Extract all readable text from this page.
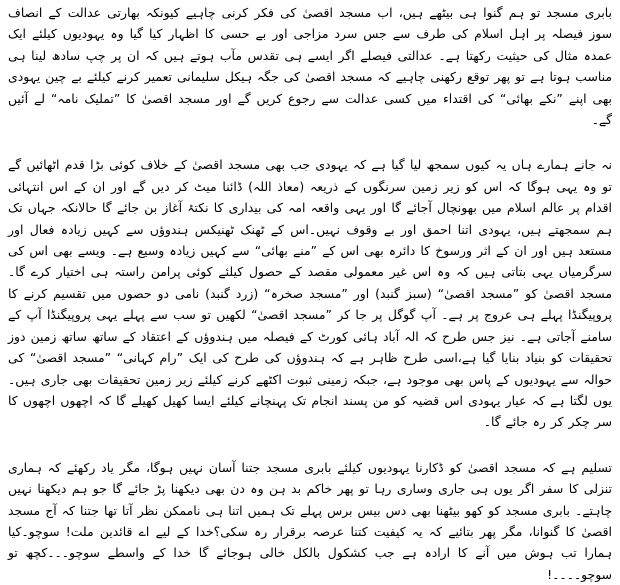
بابری مسجد تو ہم گنوا ہی بیٹھے ہیں، اب مسجد اقصیٰ کی فکر کرنی چاہیے کیونکہ بھارتی عدالت کے انصاف سوز فیصلہ پر اہل اسلام کی طرف سے جس سرد مزاجی اور بے حسی کا اظہار کیا گیا وہ یہودیوں کیلئے ایک عمدہ مثال کی حیثیت رکھتا ہے۔ عدالتی فیصلے اگر ایسے ہی تقدس مآب ہوتے ہیں کہ ان پر چپ سادھ لینا ہی مناسب ہوتا ہے تو پھر توقع رکھنی چاہیے کہ مسجد اقصیٰ کی جگہ ہیکل سلیمانی تعمیر کرنے کیلئے بے چین یہودی بھی اپنے ”نکے بھائی“ کی اقتداء میں کسی عدالت سے رجوع کریں گے اور مسجد اقصیٰ کا ”تملیک نامہ“ لے آئیں گے۔

نہ جانے ہمارے ہاں یہ کیوں سمجھ لیا گیا ہے کہ یہودی جب بھی مسجد اقصیٰ کے خلاف کوئی بڑا قدم اٹھائیں گے تو وہ یہی ہوگا کہ اس کو زیر زمین سرنگوں کے ذریعہ (معاذ اللہ) ڈائنا میٹ کر دیں گے اور ان کے اس انتہائی اقدام پر عالم اسلام میں بھونچال آجائے گا اور یہی واقعہ امہ کی بیداری کا نکتۂ آغاز بن جائے گا حالانکہ جہاں تک ہم سمجھتے ہیں، یہودی اتنا احمق اور بے وقوف نہیں۔اس کے ٹھنک ٹھنیکس ہندوؤں سے کہیں زیادہ فعال اور مستعد ہیں اور ان کے اثر ورسوخ کا دائرہ بھی اس کے ”منے بھائی“ سے کہیں زیادہ وسیع ہے۔ ویسے بھی اس کی سرگرمیاں یہی بتاتی ہیں کہ وہ اس غیر معمولی مقصد کے حصول کیلئے کوئی پرامن راستہ ہی اختیار کرے گا۔مسجد اقصیٰ کو ”مسجد اقصیٰ“ (سبز گنبد) اور ”مسجد صخرہ“ (زرد گنبد) نامی دو حصوں میں تقسیم کرنے کا پروپیگنڈا پہلے ہی عروج پر ہے۔ آپ گوگل پر جا کر ”مسجد اقصیٰ“ لکھیں تو سب سے پہلے یہی پروپیگنڈا آپ کے سامنے آجاتی ہے۔ نیز جس طرح کہ الہ آباد ہائی کورٹ کے فیصلہ میں ہندوؤں کے اعتقاد کے ساتھ ساتھ زمین دوز تحقیقات کو بنیاد بنایا گیا ہے،اسی طرح ظاہر ہے کہ ہندوؤں کی طرح کی ایک ”رام کہانی“ ”مسجد اقصیٰ“ کی حوالہ سے یہودیوں کے پاس بھی موجود ہے، جبکہ زمینی ثبوت اکٹھے کرنے کیلئے زیر زمین تحقیقات بھی جاری ہیں۔ یوں لگتا ہے کہ عیار یہودی اس قضیہ کو من پسند انجام تک پہنچانے کیلئے ایسا کھیل کھیلے گا کہ اچھوں اچھوں کا سر چکر کر رہ جائے گا۔

تسلیم ہے کہ مسجد اقصیٰ کو ڈکارنا یہودیوں کیلئے بابری مسجد جتنا آسان نہیں ہوگا، مگر یاد رکھئے کہ ہماری تنزلی کا سفر اگر یوں ہی جاری وساری رہا تو پھر خاکم بد ہن وہ دن بھی دیکھنا پڑ جائے گا جو ہم دیکھنا نہیں چاہتے۔ بابری مسجد کو کھو بیٹھنا بھی دس بیس برس پہلے تک ہمیں اتنا ہی ناممکن نظر آتا تھا جتنا کہ آج مسجد اقصیٰ کا گنوانا، مگر پھر بتائیے کہ یہ کیفیت کتنا عرصہ برقرار رہ سکی؟خدا کے لیے اے قائدین ملت! سوچو۔کیا ہمارا تب ہوش میں آنے کا ارادہ ہے جب کشکول بالکل خالی ہوجائے گا خدا کے واسطے سوچو۔۔۔کچھ تو سوچو۔۔۔۔!
